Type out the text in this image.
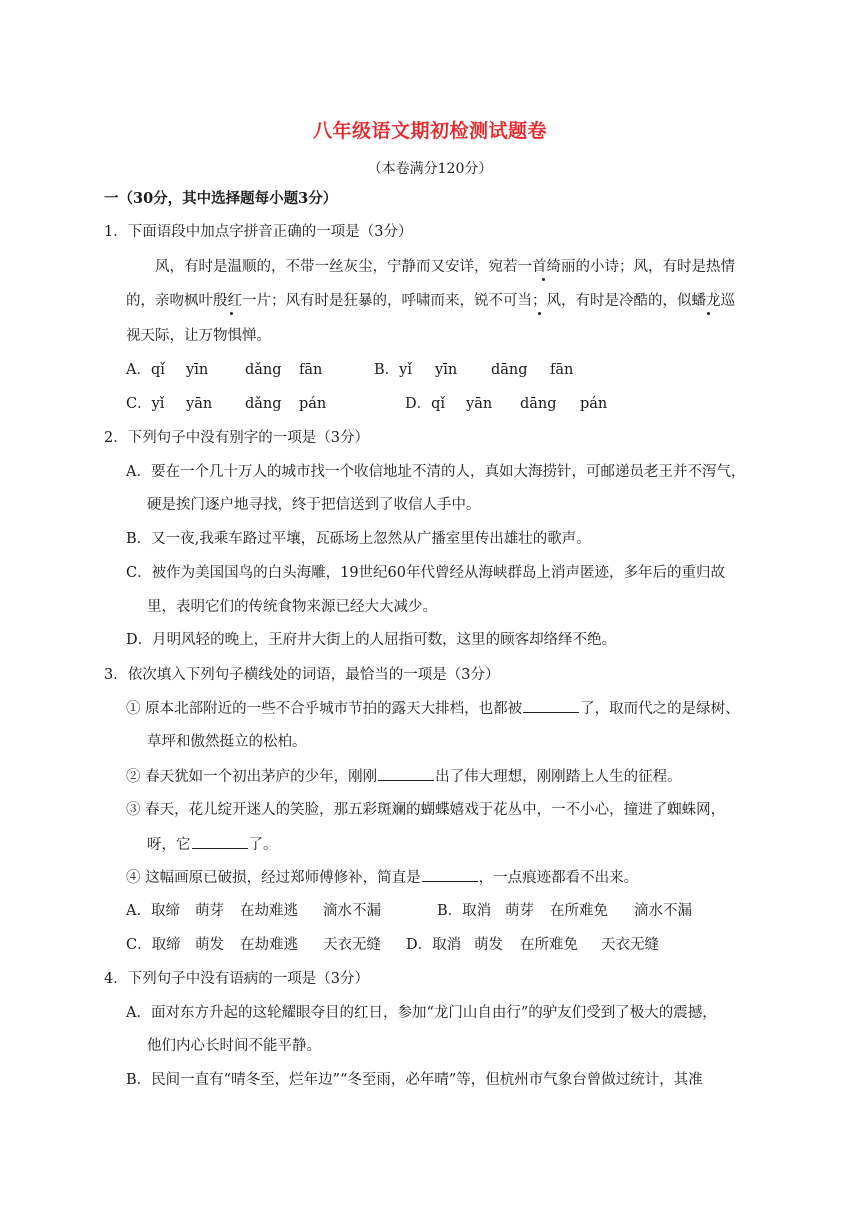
八年级语文期初检测试题卷
（本卷满分120分）
一（30分，其中选择题每小题3分）
1．下面语段中加点字拼音正确的一项是（3分）
风，有时是温顺的，不带一丝灰尘，宁静而又安详，宛若一首绮丽的小诗；风，有时是热情
的，亲吻枫叶殷红一片；风有时是狂暴的，呼啸而来，锐不可当；风，有时是冷酷的，似蟠龙巡
视天际，让万物惧惮。
A．qǐ yīn	dǎng fān	B．yǐ yīn dāng fān
C．yǐ yān dǎng pán	D．qǐ yān dāng pán
2．下列句子中没有别字的一项是（3分）
A．要在一个几十万人的城市找一个收信地址不清的人，真如大海捞针，可邮递员老王并不泻气，
硬是挨门逐户地寻找，终于把信送到了收信人手中。
B．又一夜,我乘车路过平壤，瓦砾场上忽然从广播室里传出雄壮的歌声。
C．被作为美国国鸟的白头海雕，19世纪60年代曾经从海峡群岛上消声匿迹，多年后的重归故
里，表明它们的传统食物来源已经大大减少。
D．月明风轻的晚上，王府井大街上的人屈指可数，这里的顾客却络绎不绝。
3．依次填入下列句子横线处的词语，最恰当的一项是（3分）
① 原本北部附近的一些不合乎城市节拍的露天大排档，也都被	了，取而代之的是绿树、
草坪和傲然挺立的松柏。
② 春天犹如一个初出茅庐的少年，刚刚	出了伟大理想，刚刚踏上人生的征程。
③ 春天，花儿绽开迷人的笑脸，那五彩斑斓的蝴蝶嬉戏于花丛中，一不小心，撞进了蜘蛛网，
呀，它	了。
④ 这幅画原已破损，经过郑师傅修补，简直是	，一点痕迹都看不出来。
A．取缔 萌芽 在劫难逃 滴水不漏	B．取消 萌芽 在所难免 滴水不漏
C．取缔 萌发 在劫难逃 天衣无缝 D．取消 萌发 在所难免 天衣无缝
4．下列句子中没有语病的一项是（3分）
A．面对东方升起的这轮耀眼夺目的红日，参加“龙门山自由行”的驴友们受到了极大的震撼，
他们内心长时间不能平静。
B．民间一直有“晴冬至，烂年边”“冬至雨，必年晴”等，但杭州市气象台曾做过统计，其准
